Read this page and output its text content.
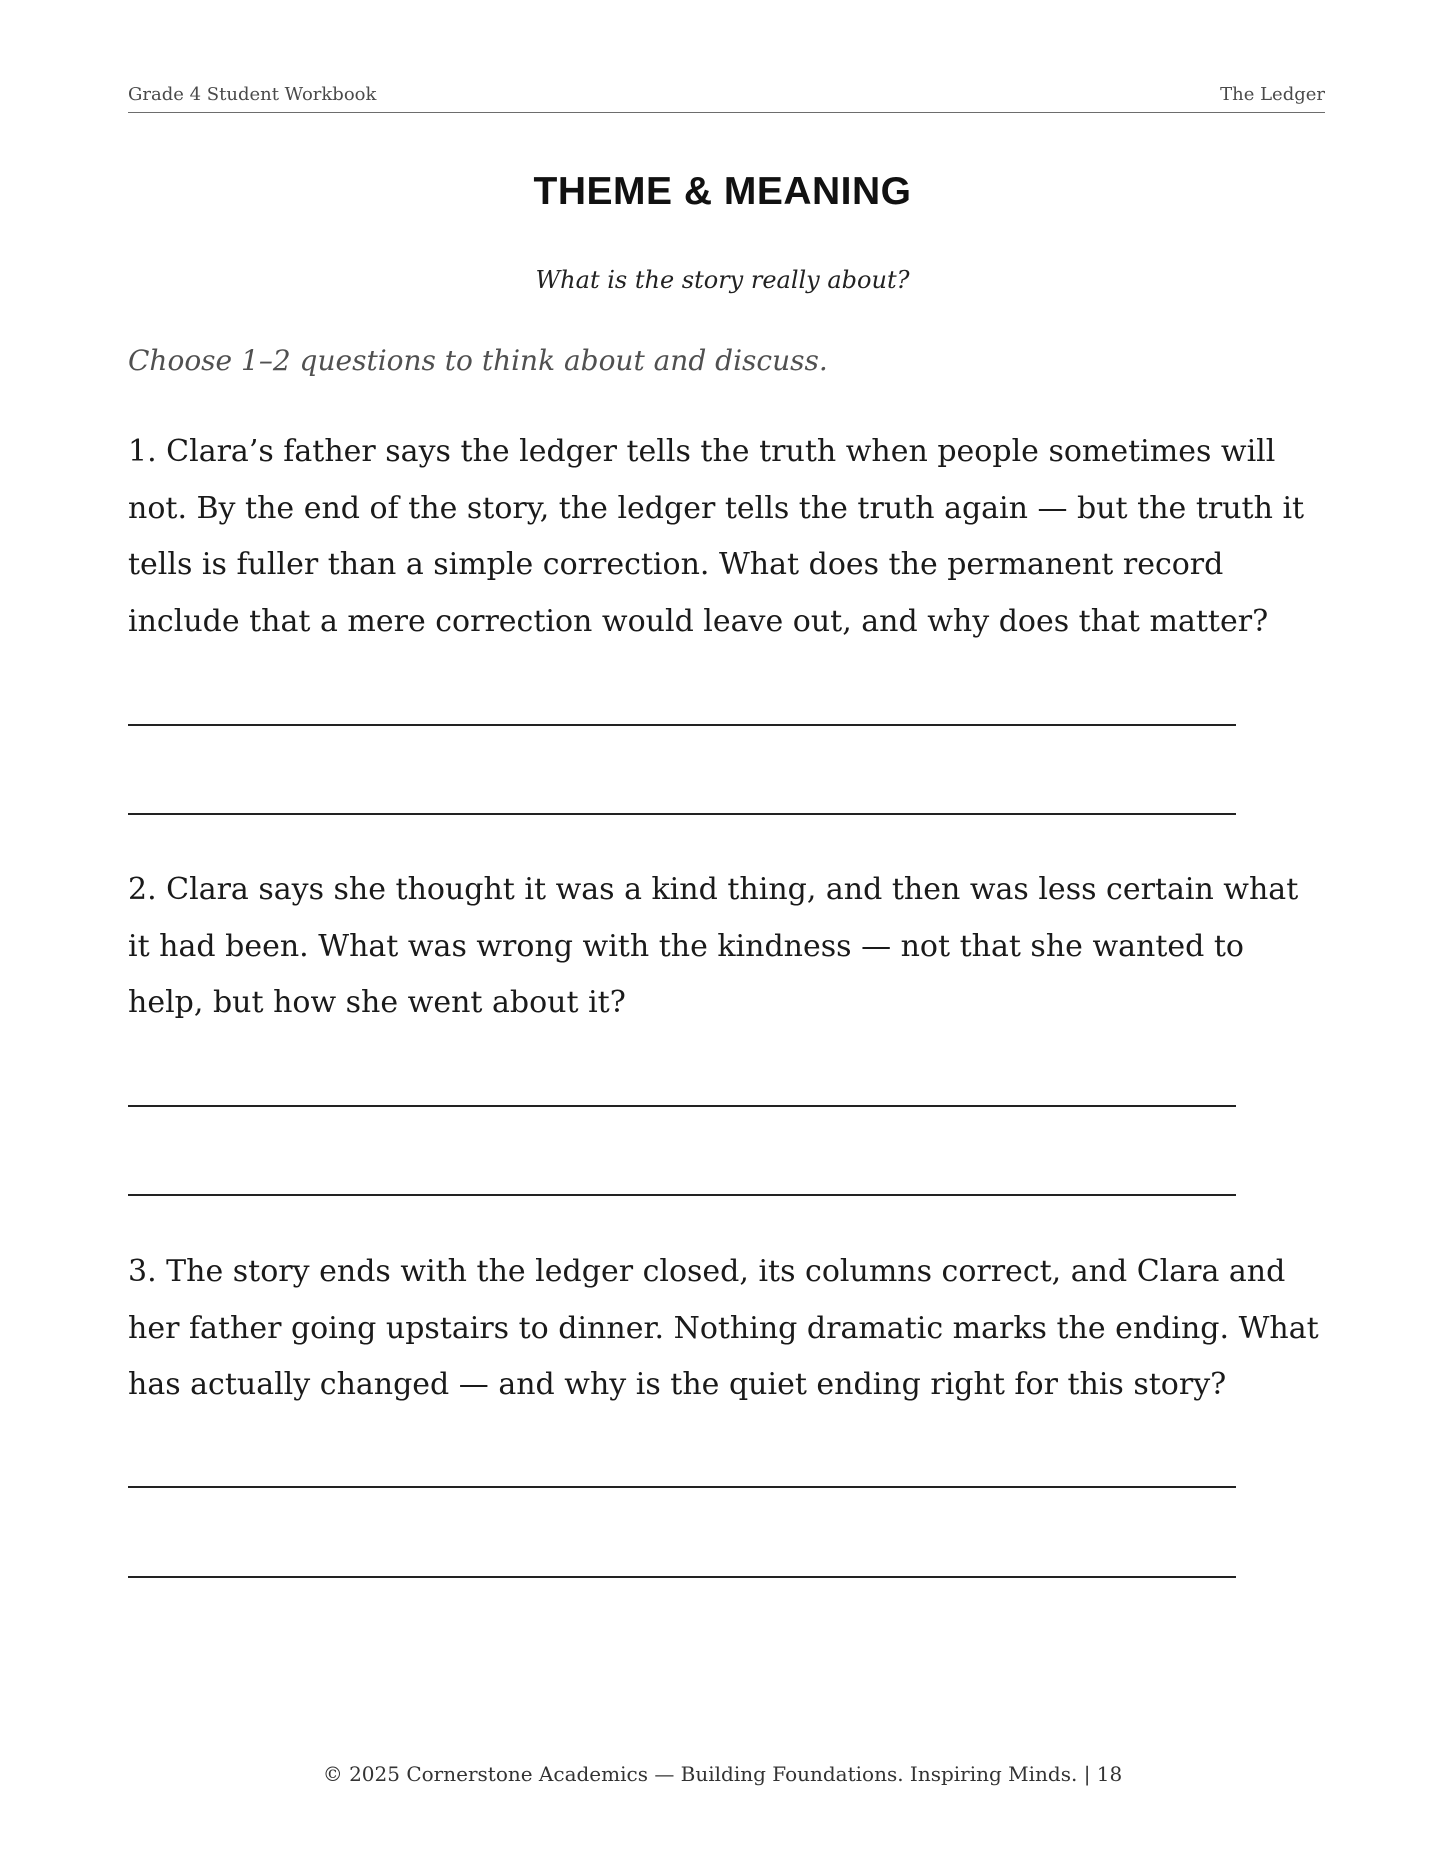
Grade 4 Student Workbook	The Ledger
THEME & MEANING
What is the story really about?
Choose 1–2 questions to think about and discuss.

1. Clara’s father says the ledger tells the truth when people sometimes will not. By the end of the story, the ledger tells the truth again — but the truth it tells is fuller than a simple correction. What does the permanent record include that a mere correction would leave out, and why does that matter?

2. Clara says she thought it was a kind thing, and then was less certain what it had been. What was wrong with the kindness — not that she wanted to help, but how she went about it?

3. The story ends with the ledger closed, its columns correct, and Clara and her father going upstairs to dinner. Nothing dramatic marks the ending. What has actually changed — and why is the quiet ending right for this story?

© 2025 Cornerstone Academics — Building Foundations. Inspiring Minds. | 18
